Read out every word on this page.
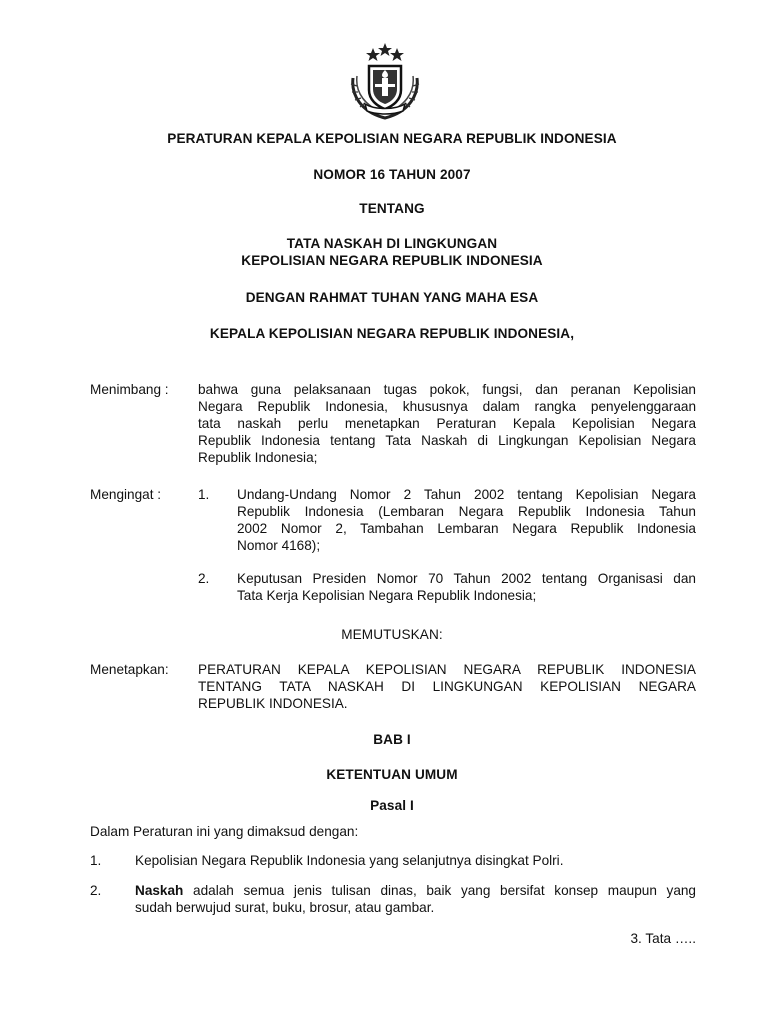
PERATURAN KEPALA KEPOLISIAN NEGARA REPUBLIK INDONESIA
NOMOR 16 TAHUN 2007
TENTANG
TATA NASKAH DI LINGKUNGAN
KEPOLISIAN NEGARA REPUBLIK INDONESIA
DENGAN RAHMAT TUHAN YANG MAHA ESA
KEPALA KEPOLISIAN NEGARA REPUBLIK INDONESIA,
Menimbang : bahwa guna pelaksanaan tugas pokok, fungsi, dan peranan Kepolisian
Negara Republik Indonesia, khususnya dalam rangka penyelenggaraan
tata naskah perlu menetapkan Peraturan Kepala Kepolisian Negara
Republik Indonesia tentang Tata Naskah di Lingkungan Kepolisian Negara
Republik Indonesia;
Mengingat :	1. Undang-Undang Nomor 2 Tahun 2002 tentang Kepolisian Negara
Republik Indonesia (Lembaran Negara Republik Indonesia Tahun
2002 Nomor 2, Tambahan Lembaran Negara Republik Indonesia
Nomor 4168);
2. Keputusan Presiden Nomor 70 Tahun 2002 tentang Organisasi dan
Tata Kerja Kepolisian Negara Republik Indonesia;
MEMUTUSKAN:
Menetapkan: PERATURAN KEPALA KEPOLISIAN NEGARA REPUBLIK INDONESIA
TENTANG TATA NASKAH DI LINGKUNGAN KEPOLISIAN NEGARA
REPUBLIK INDONESIA.
BAB I
KETENTUAN UMUM
Pasal I
Dalam Peraturan ini yang dimaksud dengan:
1. Kepolisian Negara Republik Indonesia yang selanjutnya disingkat Polri.
2. Naskah adalah semua jenis tulisan dinas, baik yang bersifat konsep maupun yang
sudah berwujud surat, buku, brosur, atau gambar.
3. Tata …..
